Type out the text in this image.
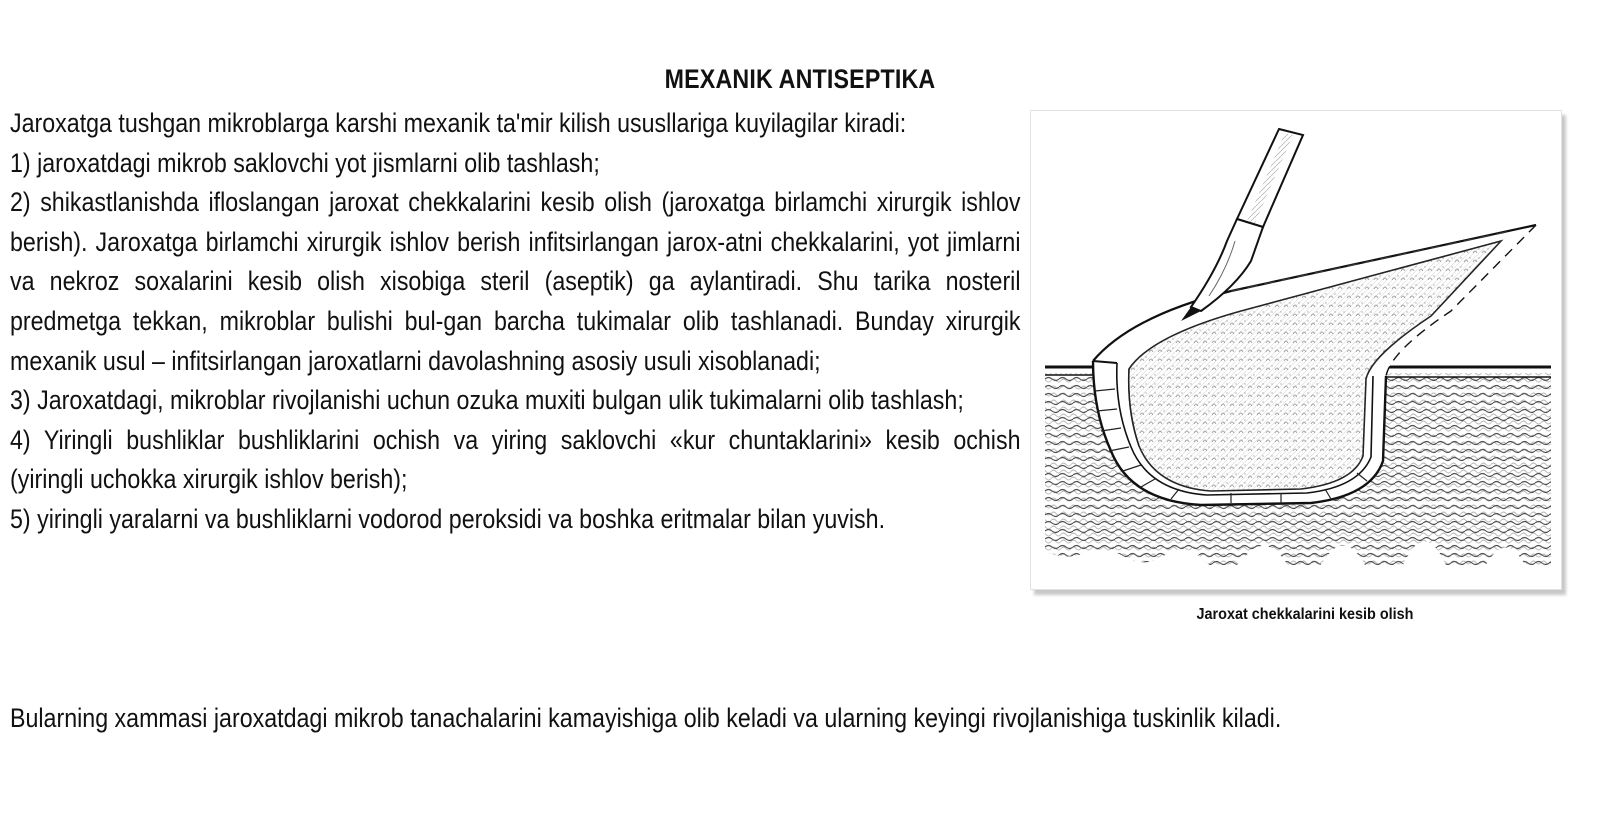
MEXANIK ANTISEPTIKA

Jaroxatga tushgan mikroblarga karshi mexanik ta'mir kilish ususllariga kuyilagilar kiradi:

1) jaroxatdagi mikrob saklovchi yot jismlarni olib tashlash;

2) shikastlanishda ifloslangan jaroxat chekkalarini kesib olish (jaroxatga birlamchi xirurgik ishlov berish). Jaroxatga birlamchi xirurgik ishlov berish infitsirlangan jarox-atni chekkalarini, yot jimlarni va nekroz soxalarini kesib olish xisobiga steril (aseptik) ga aylantiradi. Shu tarika nosteril predmetga tekkan, mikroblar bulishi bul-gan barcha tukimalar olib tashlanadi. Bunday xirurgik mexanik usul – infitsirlangan jaroxatlarni davolashning asosiy usuli xisoblanadi;

3) Jaroxatdagi, mikroblar rivojlanishi uchun ozuka muxiti bulgan ulik tukimalarni olib tashlash;

4) Yiringli bushliklar bushliklarini ochish va yiring saklovchi «kur chuntaklarini» kesib ochish (yiringli uchokka xirurgik ishlov berish);

5) yiringli yaralarni va bushliklarni vodorod peroksidi va boshka eritmalar bilan yuvish.

Bularning xammasi jaroxatdagi mikrob tanachalarini kamayishiga olib keladi va ularning keyingi rivojlanishiga tuskinlik kiladi.
Jaroxat chekkalarini kesib olish
